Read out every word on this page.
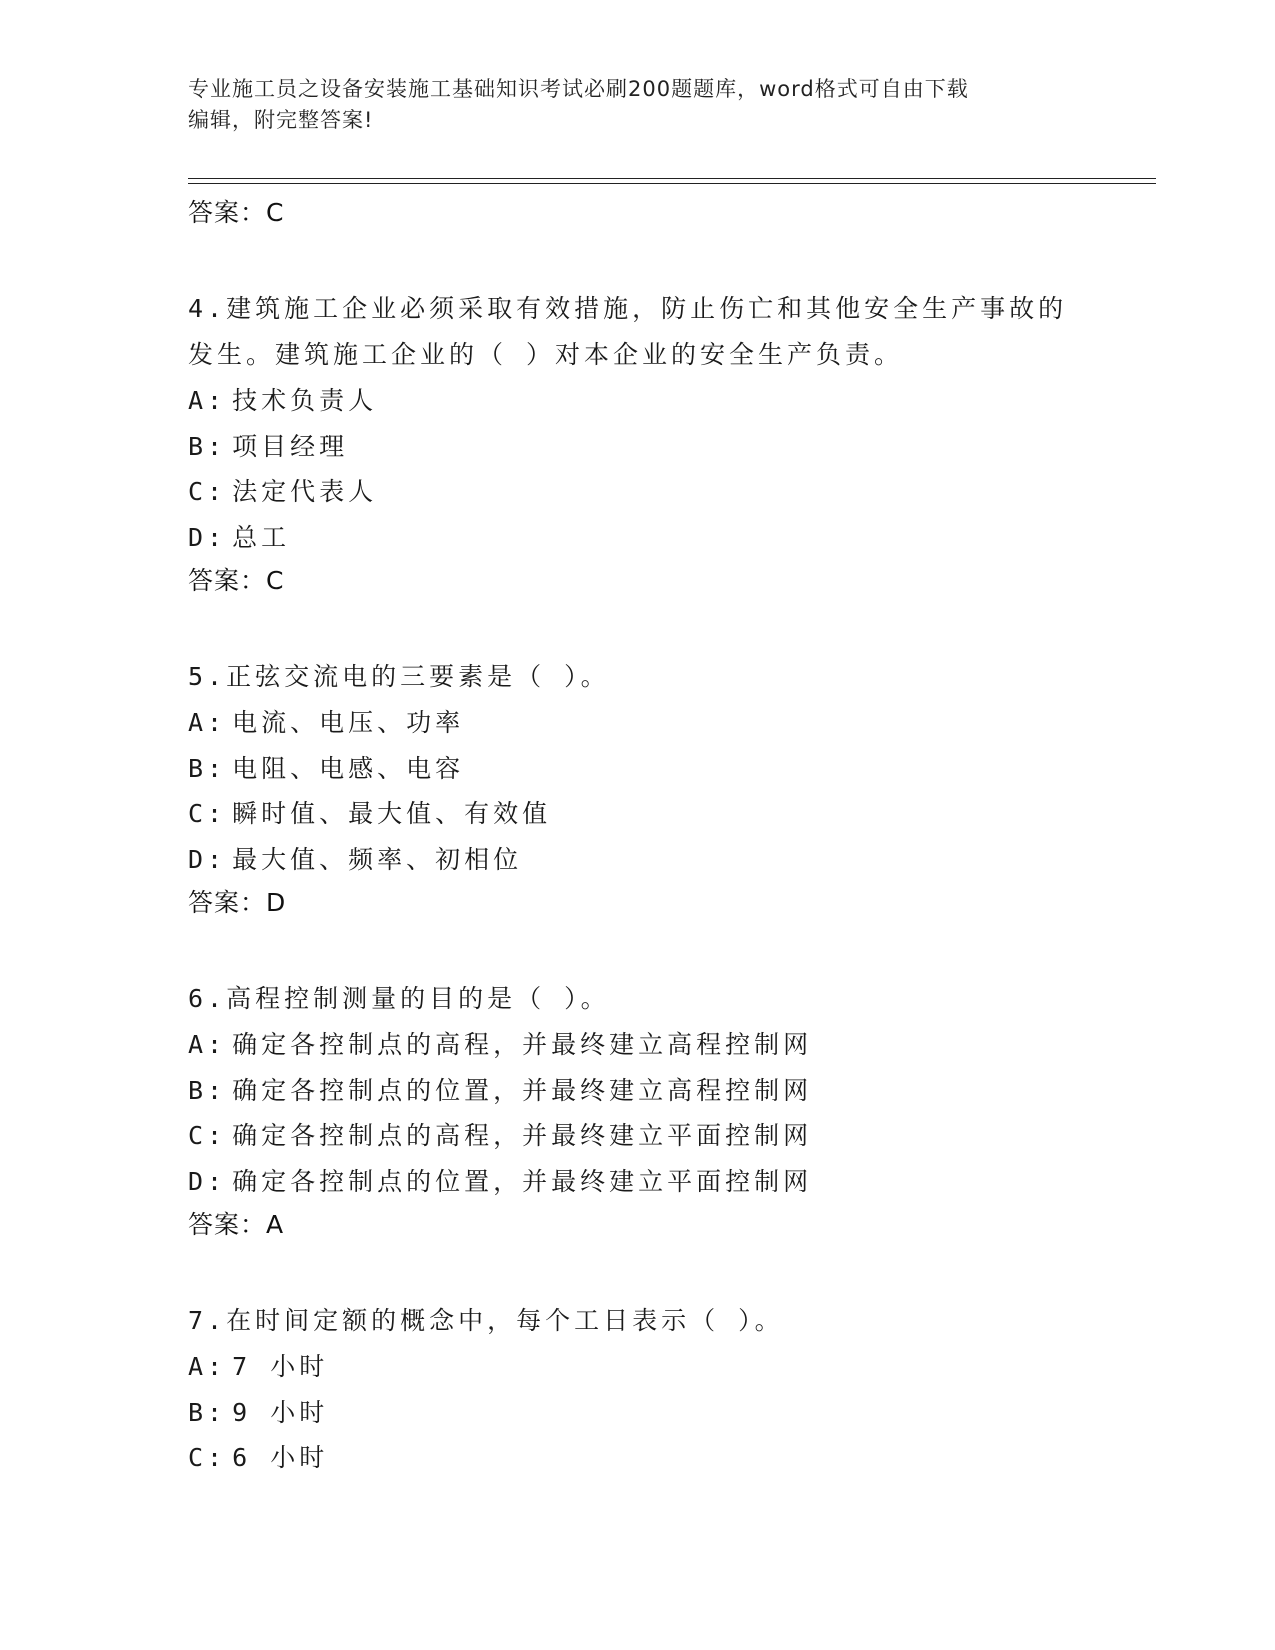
专业施工员之设备安装施工基础知识考试必刷200题题库，word格式可自由下载
编辑，附完整答案!
答案：C
4.建筑施工企业必须采取有效措施，防止伤亡和其他安全生产事故的
发生。建筑施工企业的（ ）对本企业的安全生产负责。
A: 技术负责人
B: 项目经理
C: 法定代表人
D: 总工
答案：C
5.正弦交流电的三要素是（ ）。
A: 电流、电压、功率
B: 电阻、电感、电容
C: 瞬时值、最大值、有效值
D: 最大值、频率、初相位
答案：D
6.高程控制测量的目的是（ ）。
A: 确定各控制点的高程，并最终建立高程控制网
B: 确定各控制点的位置，并最终建立高程控制网
C: 确定各控制点的高程，并最终建立平面控制网
D: 确定各控制点的位置，并最终建立平面控制网
答案：A
7.在时间定额的概念中，每个工日表示（ ）。
A: 7 小时
B: 9 小时
C: 6 小时
